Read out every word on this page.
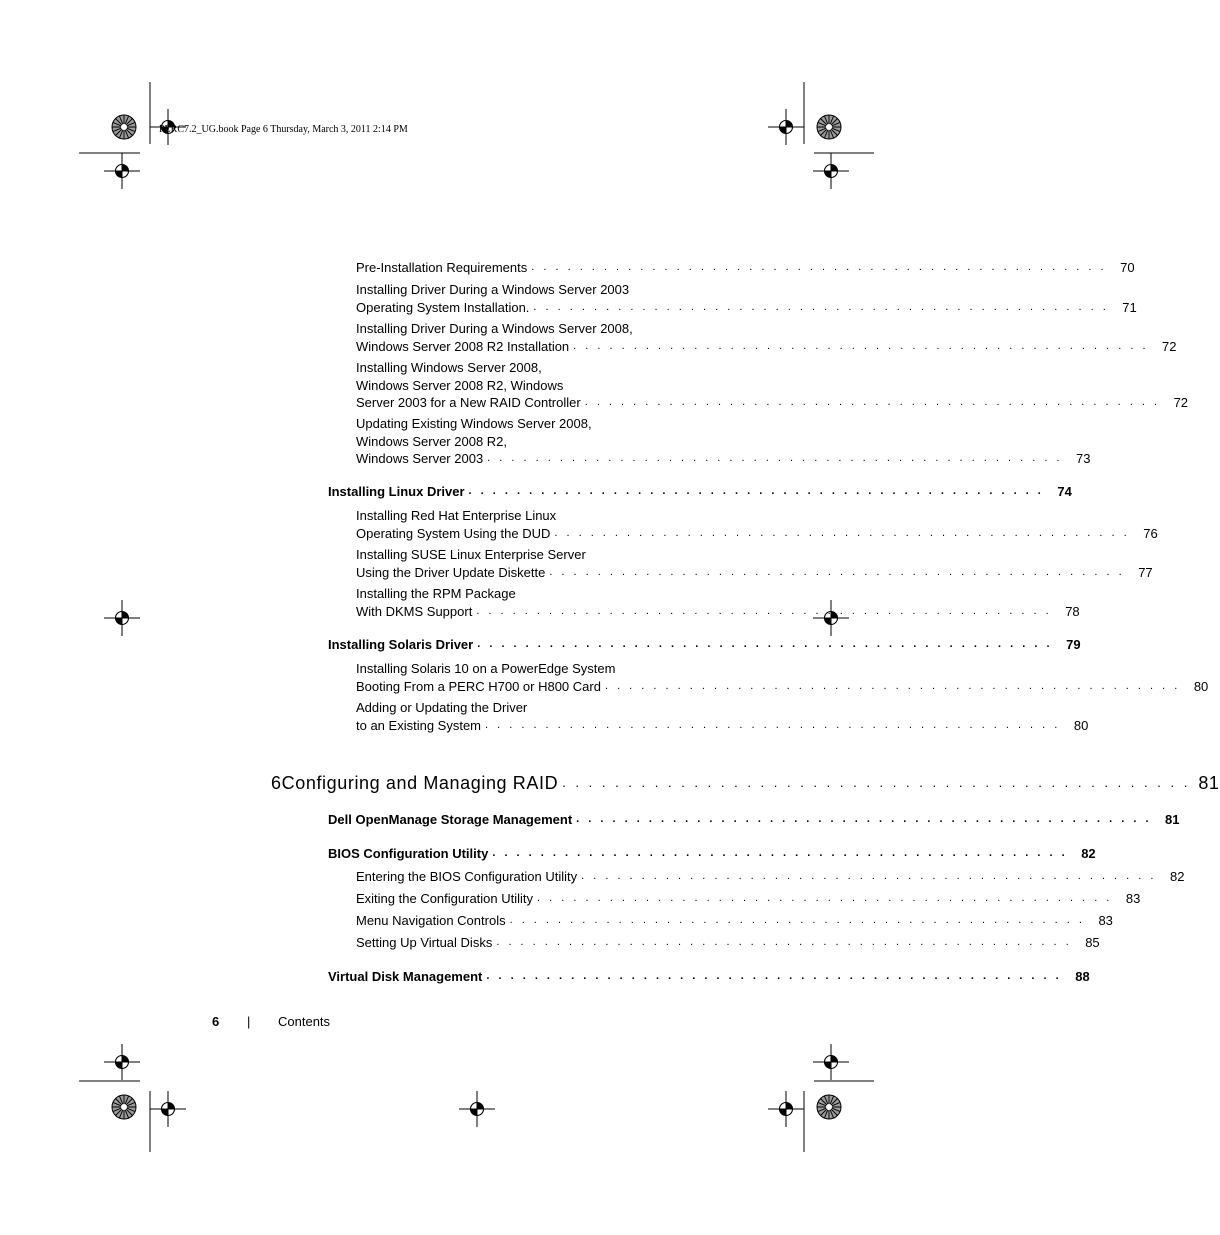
PERC7.2_UG.book Page 6 Thursday, March 3, 2011 2:14 PM
Pre-Installation Requirements . . . . . . . . . . . . . . . . . . . . . . . . . . . . . . . . . . . . . . . . . . . . . . . .	70
Installing Driver During a Windows Server 2003
Operating System Installation. . . . . . . . . . . . . . . . . . . . . . . . . . . . . . . . . . . . . . . . . . . . . . . . .	71
Installing Driver During a Windows Server 2008,
Windows Server 2008 R2 Installation . . . . . . . . . . . . . . . . . . . . . . . . . . . . . . . . . . . . . . . . . . . . . . . .	72
Installing Windows Server 2008,
Windows Server 2008 R2, Windows
Server 2003 for a New RAID Controller . . . . . . . . . . . . . . . . . . . . . . . . . . . . . . . . . . . . . . . . . . . . . . . .	72
Updating Existing Windows Server 2008,
Windows Server 2008 R2,
Windows Server 2003 . . . . . . . . . . . . . . . . . . . . . . . . . . . . . . . . . . . . . . . . . . . . . . . .	73
Installing Linux Driver . . . . . . . . . . . . . . . . . . . . . . . . . . . . . . . . . . . . . . . . . . . . . . . .	74
Installing Red Hat Enterprise Linux
Operating System Using the DUD . . . . . . . . . . . . . . . . . . . . . . . . . . . . . . . . . . . . . . . . . . . . . . . .	76
Installing SUSE Linux Enterprise Server
Using the Driver Update Diskette . . . . . . . . . . . . . . . . . . . . . . . . . . . . . . . . . . . . . . . . . . . . . . . .	77
Installing the RPM Package
With DKMS Support . . . . . . . . . . . . . . . . . . . . . . . . . . . . . . . . . . . . . . . . . . . . . . . .	78
Installing Solaris Driver . . . . . . . . . . . . . . . . . . . . . . . . . . . . . . . . . . . . . . . . . . . . . . . .	79
Installing Solaris 10 on a PowerEdge System
Booting From a PERC H700 or H800 Card . . . . . . . . . . . . . . . . . . . . . . . . . . . . . . . . . . . . . . . . . . . . . . . .	80
Adding or Updating the Driver
to an Existing System . . . . . . . . . . . . . . . . . . . . . . . . . . . . . . . . . . . . . . . . . . . . . . . .	80
6 Configuring and Managing RAID . . . . . . . . . . . . . . . . . . . . . . . . . . . . . . . . . . . . . . . . . . . . . . . . 81
Dell OpenManage Storage Management . . . . . . . . . . . . . . . . . . . . . . . . . . . . . . . . . . . . . . . . . . . . . . . .	81
BIOS Configuration Utility . . . . . . . . . . . . . . . . . . . . . . . . . . . . . . . . . . . . . . . . . . . . . . . .	82
Entering the BIOS Configuration Utility . . . . . . . . . . . . . . . . . . . . . . . . . . . . . . . . . . . . . . . . . . . . . . . .	82
Exiting the Configuration Utility . . . . . . . . . . . . . . . . . . . . . . . . . . . . . . . . . . . . . . . . . . . . . . . .	83
Menu Navigation Controls . . . . . . . . . . . . . . . . . . . . . . . . . . . . . . . . . . . . . . . . . . . . . . . .	83
Setting Up Virtual Disks . . . . . . . . . . . . . . . . . . . . . . . . . . . . . . . . . . . . . . . . . . . . . . . .	85
Virtual Disk Management . . . . . . . . . . . . . . . . . . . . . . . . . . . . . . . . . . . . . . . . . . . . . . . .	88
6 | Contents
